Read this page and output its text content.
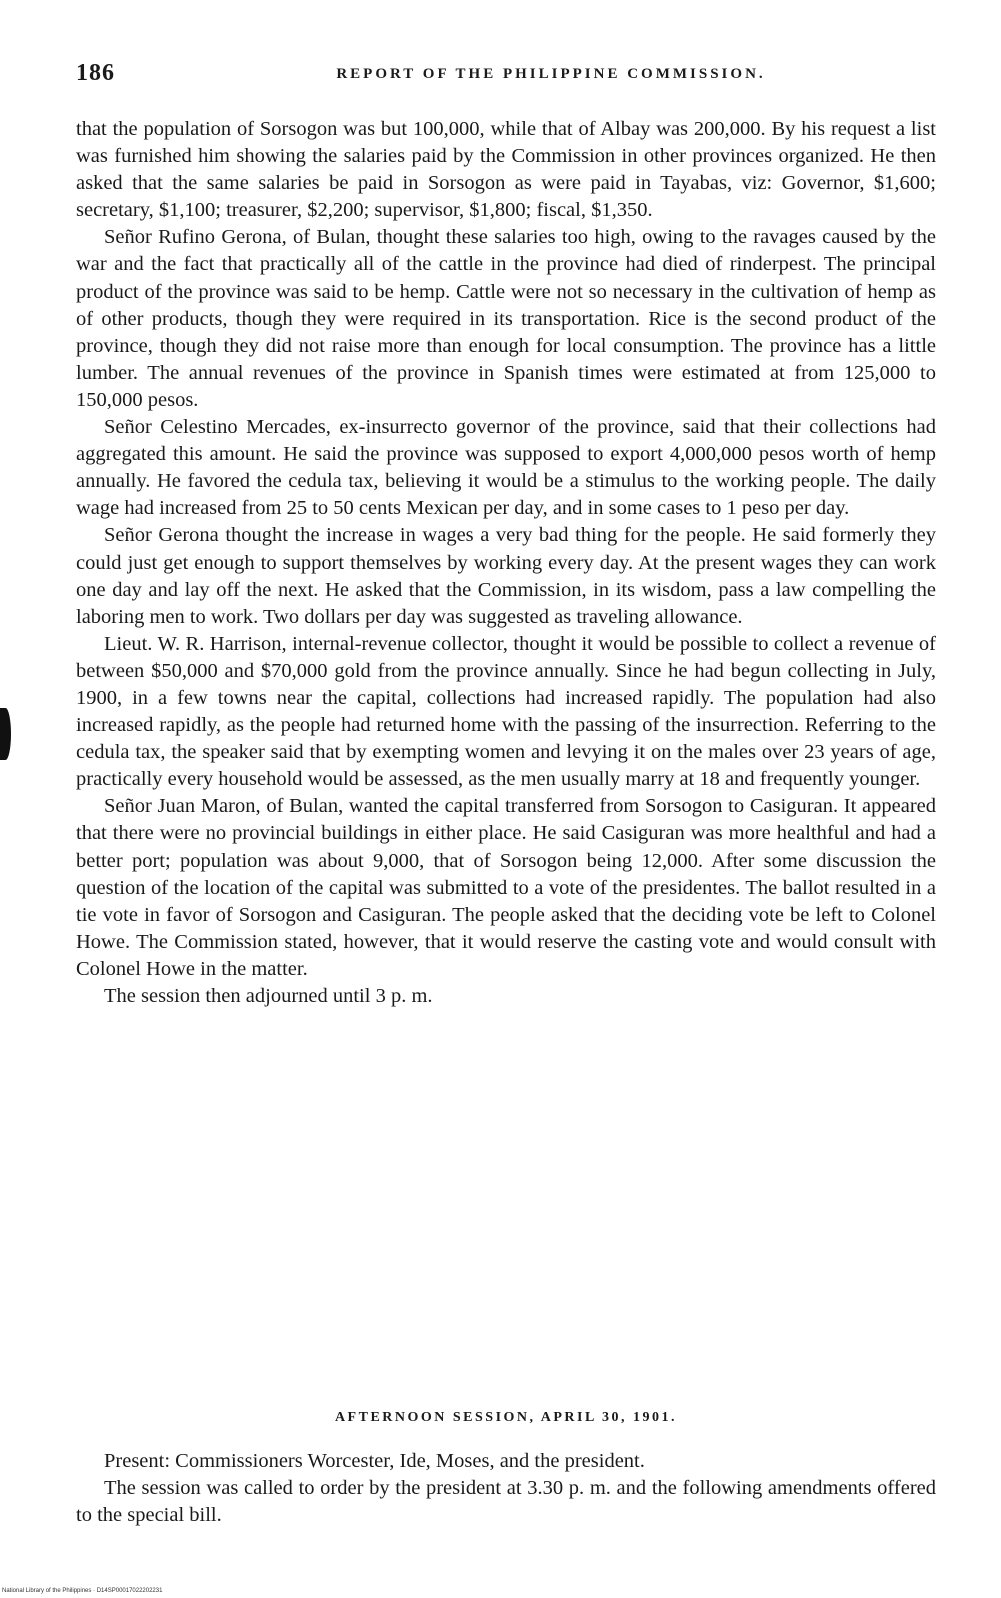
186	REPORT OF THE PHILIPPINE COMMISSION.

that the population of Sorsogon was but 100,000, while that of Albay was 200,000. By his request a list was furnished him showing the salaries paid by the Commission in other provinces organized. He then asked that the same salaries be paid in Sorsogon as were paid in Tayabas, viz: Governor, $1,600; secretary, $1,100; treasurer, $2,200; supervisor, $1,800; fiscal, $1,350.

Señor Rufino Gerona, of Bulan, thought these salaries too high, owing to the ravages caused by the war and the fact that practically all of the cattle in the province had died of rinderpest. The principal product of the province was said to be hemp. Cattle were not so necessary in the cultivation of hemp as of other products, though they were required in its transportation. Rice is the second product of the province, though they did not raise more than enough for local consumption. The province has a little lumber. The annual revenues of the province in Spanish times were estimated at from 125,000 to 150,000 pesos.

Señor Celestino Mercades, ex-insurrecto governor of the province, said that their collections had aggregated this amount. He said the province was supposed to export 4,000,000 pesos worth of hemp annually. He favored the cedula tax, believing it would be a stimulus to the working people. The daily wage had increased from 25 to 50 cents Mexican per day, and in some cases to 1 peso per day.

Señor Gerona thought the increase in wages a very bad thing for the people. He said formerly they could just get enough to support themselves by working every day. At the present wages they can work one day and lay off the next. He asked that the Commission, in its wisdom, pass a law compelling the laboring men to work. Two dollars per day was suggested as traveling allowance.

Lieut. W. R. Harrison, internal-revenue collector, thought it would be possible to collect a revenue of between $50,000 and $70,000 gold from the province annually. Since he had begun collecting in July, 1900, in a few towns near the capital, collections had increased rapidly. The population had also increased rapidly, as the people had returned home with the passing of the insurrection. Referring to the cedula tax, the speaker said that by exempting women and levying it on the males over 23 years of age, practically every household would be assessed, as the men usually marry at 18 and frequently younger.

Señor Juan Maron, of Bulan, wanted the capital transferred from Sorsogon to Casiguran. It appeared that there were no provincial buildings in either place. He said Casiguran was more healthful and had a better port; population was about 9,000, that of Sorsogon being 12,000. After some discussion the question of the location of the capital was submitted to a vote of the presidentes. The ballot resulted in a tie vote in favor of Sorsogon and Casiguran. The people asked that the deciding vote be left to Colonel Howe. The Commission stated, however, that it would reserve the casting vote and would consult with Colonel Howe in the matter.

The session then adjourned until 3 p. m.

AFTERNOON SESSION, APRIL 30, 1901.

Present: Commissioners Worcester, Ide, Moses, and the president.

The session was called to order by the president at 3.30 p. m. and the following amendments offered to the special bill.

National Library of the Philippines · D14SP00017022202231
